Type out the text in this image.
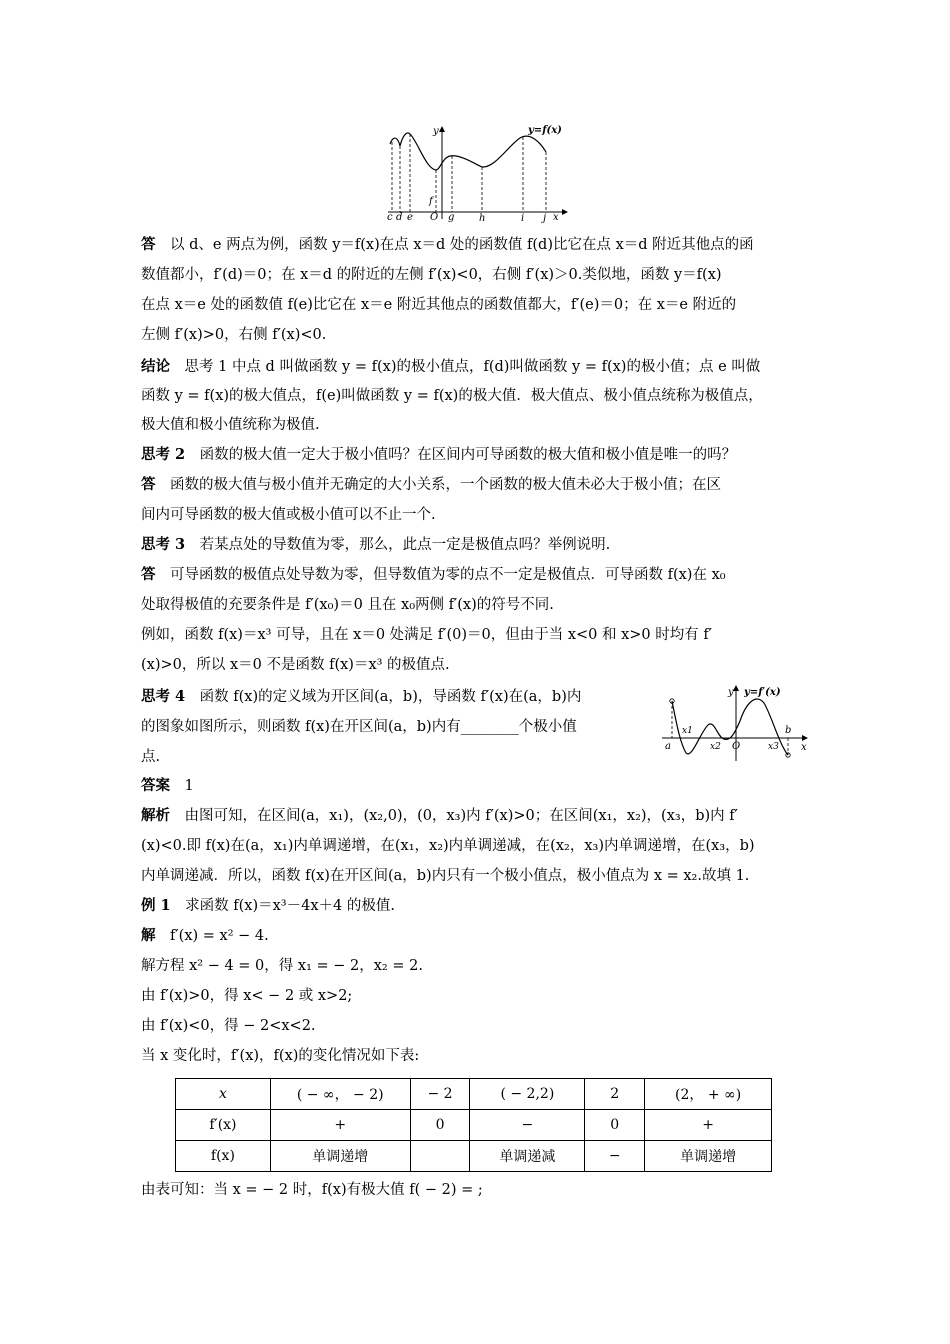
y	y=f(x)
f
O	x
c d e	g h	i j
y y=f′(x)
O	x
a
x1
x2	x3
b
答　以 d、e 两点为例，函数 y＝f(x)在点 x＝d 处的函数值 f(d)比它在点 x＝d 附近其他点的函
数值都小，f′(d)＝0；在 x＝d 的附近的左侧 f′(x)<0，右侧 f′(x)＞0.类似地，函数 y＝f(x)
在点 x＝e 处的函数值 f(e)比它在 x＝e 附近其他点的函数值都大，f′(e)＝0；在 x＝e 附近的
左侧 f′(x)>0，右侧 f′(x)<0.
结论　思考 1 中点 d 叫做函数 y = f(x)的极小值点，f(d)叫做函数 y = f(x)的极小值；点 e 叫做
函数 y = f(x)的极大值点，f(e)叫做函数 y = f(x)的极大值．极大值点、极小值点统称为极值点，
极大值和极小值统称为极值.
思考 2　函数的极大值一定大于极小值吗？在区间内可导函数的极大值和极小值是唯一的吗？
答　函数的极大值与极小值并无确定的大小关系，一个函数的极大值未必大于极小值；在区
间内可导函数的极大值或极小值可以不止一个.
思考 3　若某点处的导数值为零，那么，此点一定是极值点吗？举例说明.
答　可导函数的极值点处导数为零，但导数值为零的点不一定是极值点．可导函数 f(x)在 x₀
处取得极值的充要条件是 f′(x₀)＝0 且在 x₀两侧 f′(x)的符号不同.
例如，函数 f(x)＝x³ 可导，且在 x＝0 处满足 f′(0)＝0，但由于当 x<0 和 x>0 时均有 f′
(x)>0，所以 x＝0 不是函数 f(x)＝x³ 的极值点.
思考 4　函数 f(x)的定义域为开区间(a，b)，导函数 f′(x)在(a，b)内
的图象如图所示，则函数 f(x)在开区间(a，b)内有________个极小值
点.
答案　1
解析　由图可知，在区间(a，x₁)，(x₂,0)，(0，x₃)内 f′(x)>0；在区间(x₁，x₂)，(x₃，b)内 f′
(x)<0.即 f(x)在(a，x₁)内单调递增，在(x₁，x₂)内单调递减，在(x₂，x₃)内单调递增，在(x₃，b)
内单调递减．所以，函数 f(x)在开区间(a，b)内只有一个极小值点，极小值点为 x = x₂.故填 1.
例 1　求函数 f(x)＝x³－4x＋4 的极值.
解　f′(x) = x² − 4.
解方程 x² − 4 = 0，得 x₁ = − 2，x₂ = 2.
由 f′(x)>0，得 x< − 2 或 x>2;
由 f′(x)<0，得 − 2<x<2.
当 x 变化时，f′(x)，f(x)的变化情况如下表:
x	( − ∞， − 2)	− 2	( − 2,2)	2	(2， + ∞)
f′(x)	+	0	−	0	+
f(x)	单调递增		单调递减	−	单调递增
由表可知：当 x = − 2 时，f(x)有极大值 f( − 2) = ;
